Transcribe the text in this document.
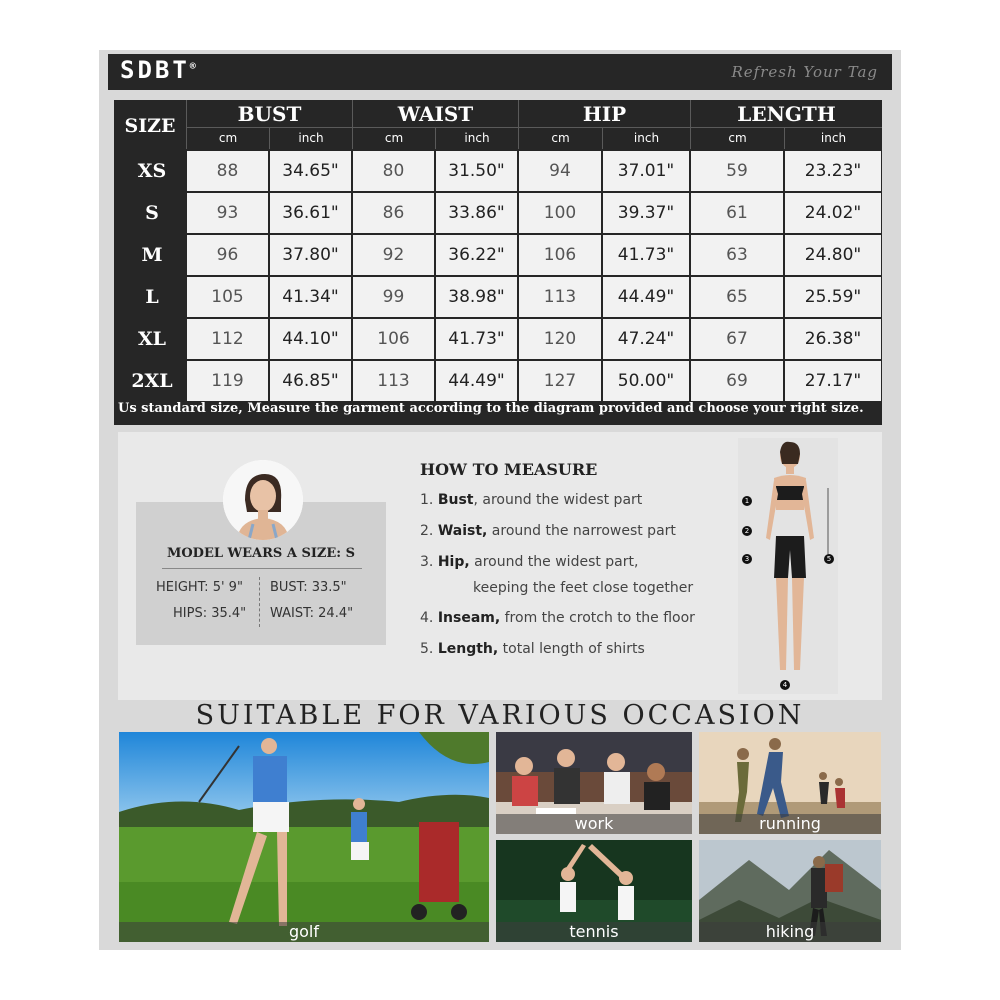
SDBT®	Refresh Your Tag
SIZE	BUST	WAIST	HIP	LENGTH
cm	inch	cm	inch	cm	inch	cm	inch
XS	88	34.65"	80	31.50"	94	37.01"	59	23.23"
S	93	36.61"	86	33.86"	100	39.37"	61	24.02"
M	96	37.80"	92	36.22"	106	41.73"	63	24.80"
L	105	41.34"	99	38.98"	113	44.49"	65	25.59"
XL	112	44.10"	106	41.73"	120	47.24"	67	26.38"
2XL	119	46.85"	113	44.49"	127	50.00"	69	27.17"
Us standard size, Measure the garment according to the diagram provided and choose your right size.
MODEL WEARS A SIZE: S
HEIGHT: 5' 9" BUST: 33.5"
HIPS: 35.4" WAIST: 24.4"
HOW TO MEASURE
1. Bust, around the widest part
2. Waist, around the narrowest part
3. Hip, around the widest part,
keeping the feet close together
4. Inseam, from the crotch to the floor
5. Length, total length of shirts
1
2
3
4
5
SUITABLE FOR VARIOUS OCCASION
golf
work	running
tennis	hiking
